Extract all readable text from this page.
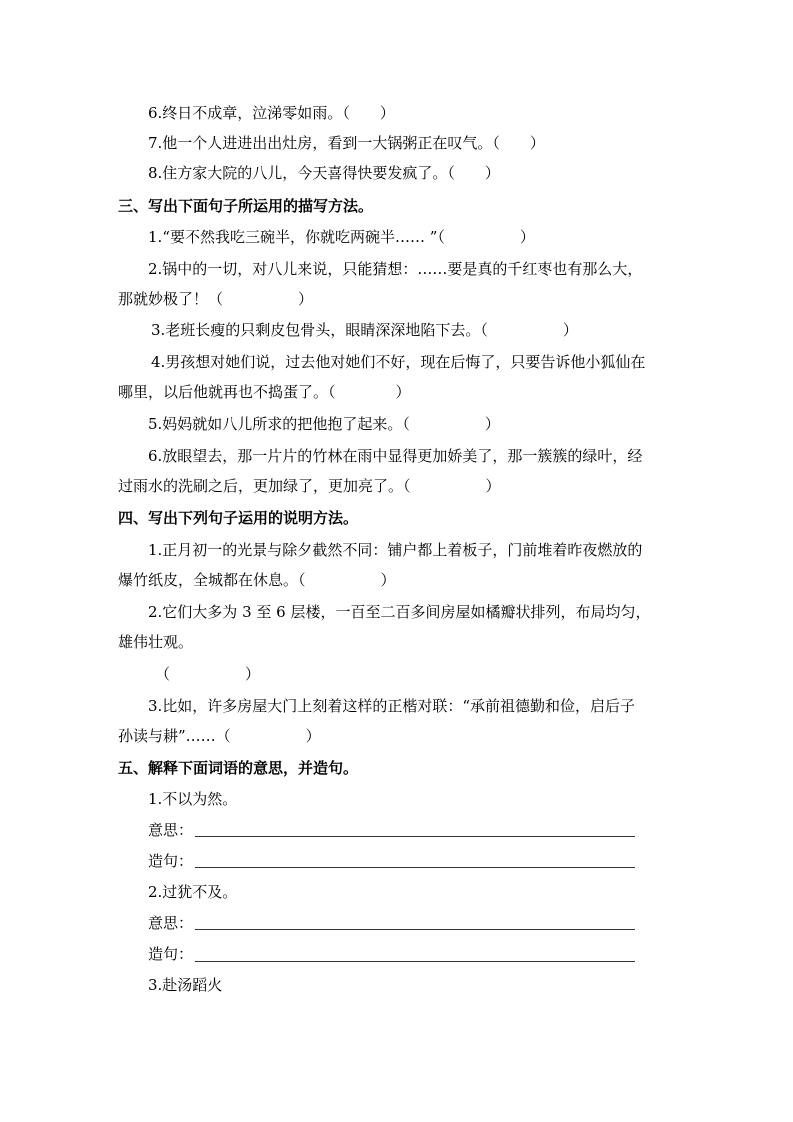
6.终日不成章，泣涕零如雨。（　　）
7.他一个人进进出出灶房，看到一大锅粥正在叹气。（　　）
8.住方家大院的八儿，今天喜得快要发疯了。（　　）
三、写出下面句子所运用的描写方法。
1.“要不然我吃三碗半，你就吃两碗半…… ”（　　　　　）
2.锅中的一切，对八儿来说，只能猜想：……要是真的千红枣也有那么大，
那就妙极了！（　　　　　）
3.老班长瘦的只剩皮包骨头，眼睛深深地陷下去。（　　　　　）
4.男孩想对她们说，过去他对她们不好，现在后悔了，只要告诉他小狐仙在
哪里，以后他就再也不捣蛋了。（　　　　）
5.妈妈就如八儿所求的把他抱了起来。（　　　　　）
6.放眼望去，那一片片的竹林在雨中显得更加娇美了，那一簇簇的绿叶，经
过雨水的洗刷之后，更加绿了，更加亮了。（　　　　　）
四、写出下列句子运用的说明方法。
1.正月初一的光景与除夕截然不同：铺户都上着板子，门前堆着昨夜燃放的
爆竹纸皮，全城都在休息。（　　　　　）
2.它们大多为 3 至 6 层楼，一百至二百多间房屋如橘瓣状排列，布局均匀，
雄伟壮观。
（　　　　　）
3.比如，许多房屋大门上刻着这样的正楷对联：“承前祖德勤和俭，启后子
孙读与耕”……（　　　　　）
五、解释下面词语的意思，并造句。
1.不以为然。
意思：
造句：
2.过犹不及。
意思：
造句：
3.赴汤蹈火
